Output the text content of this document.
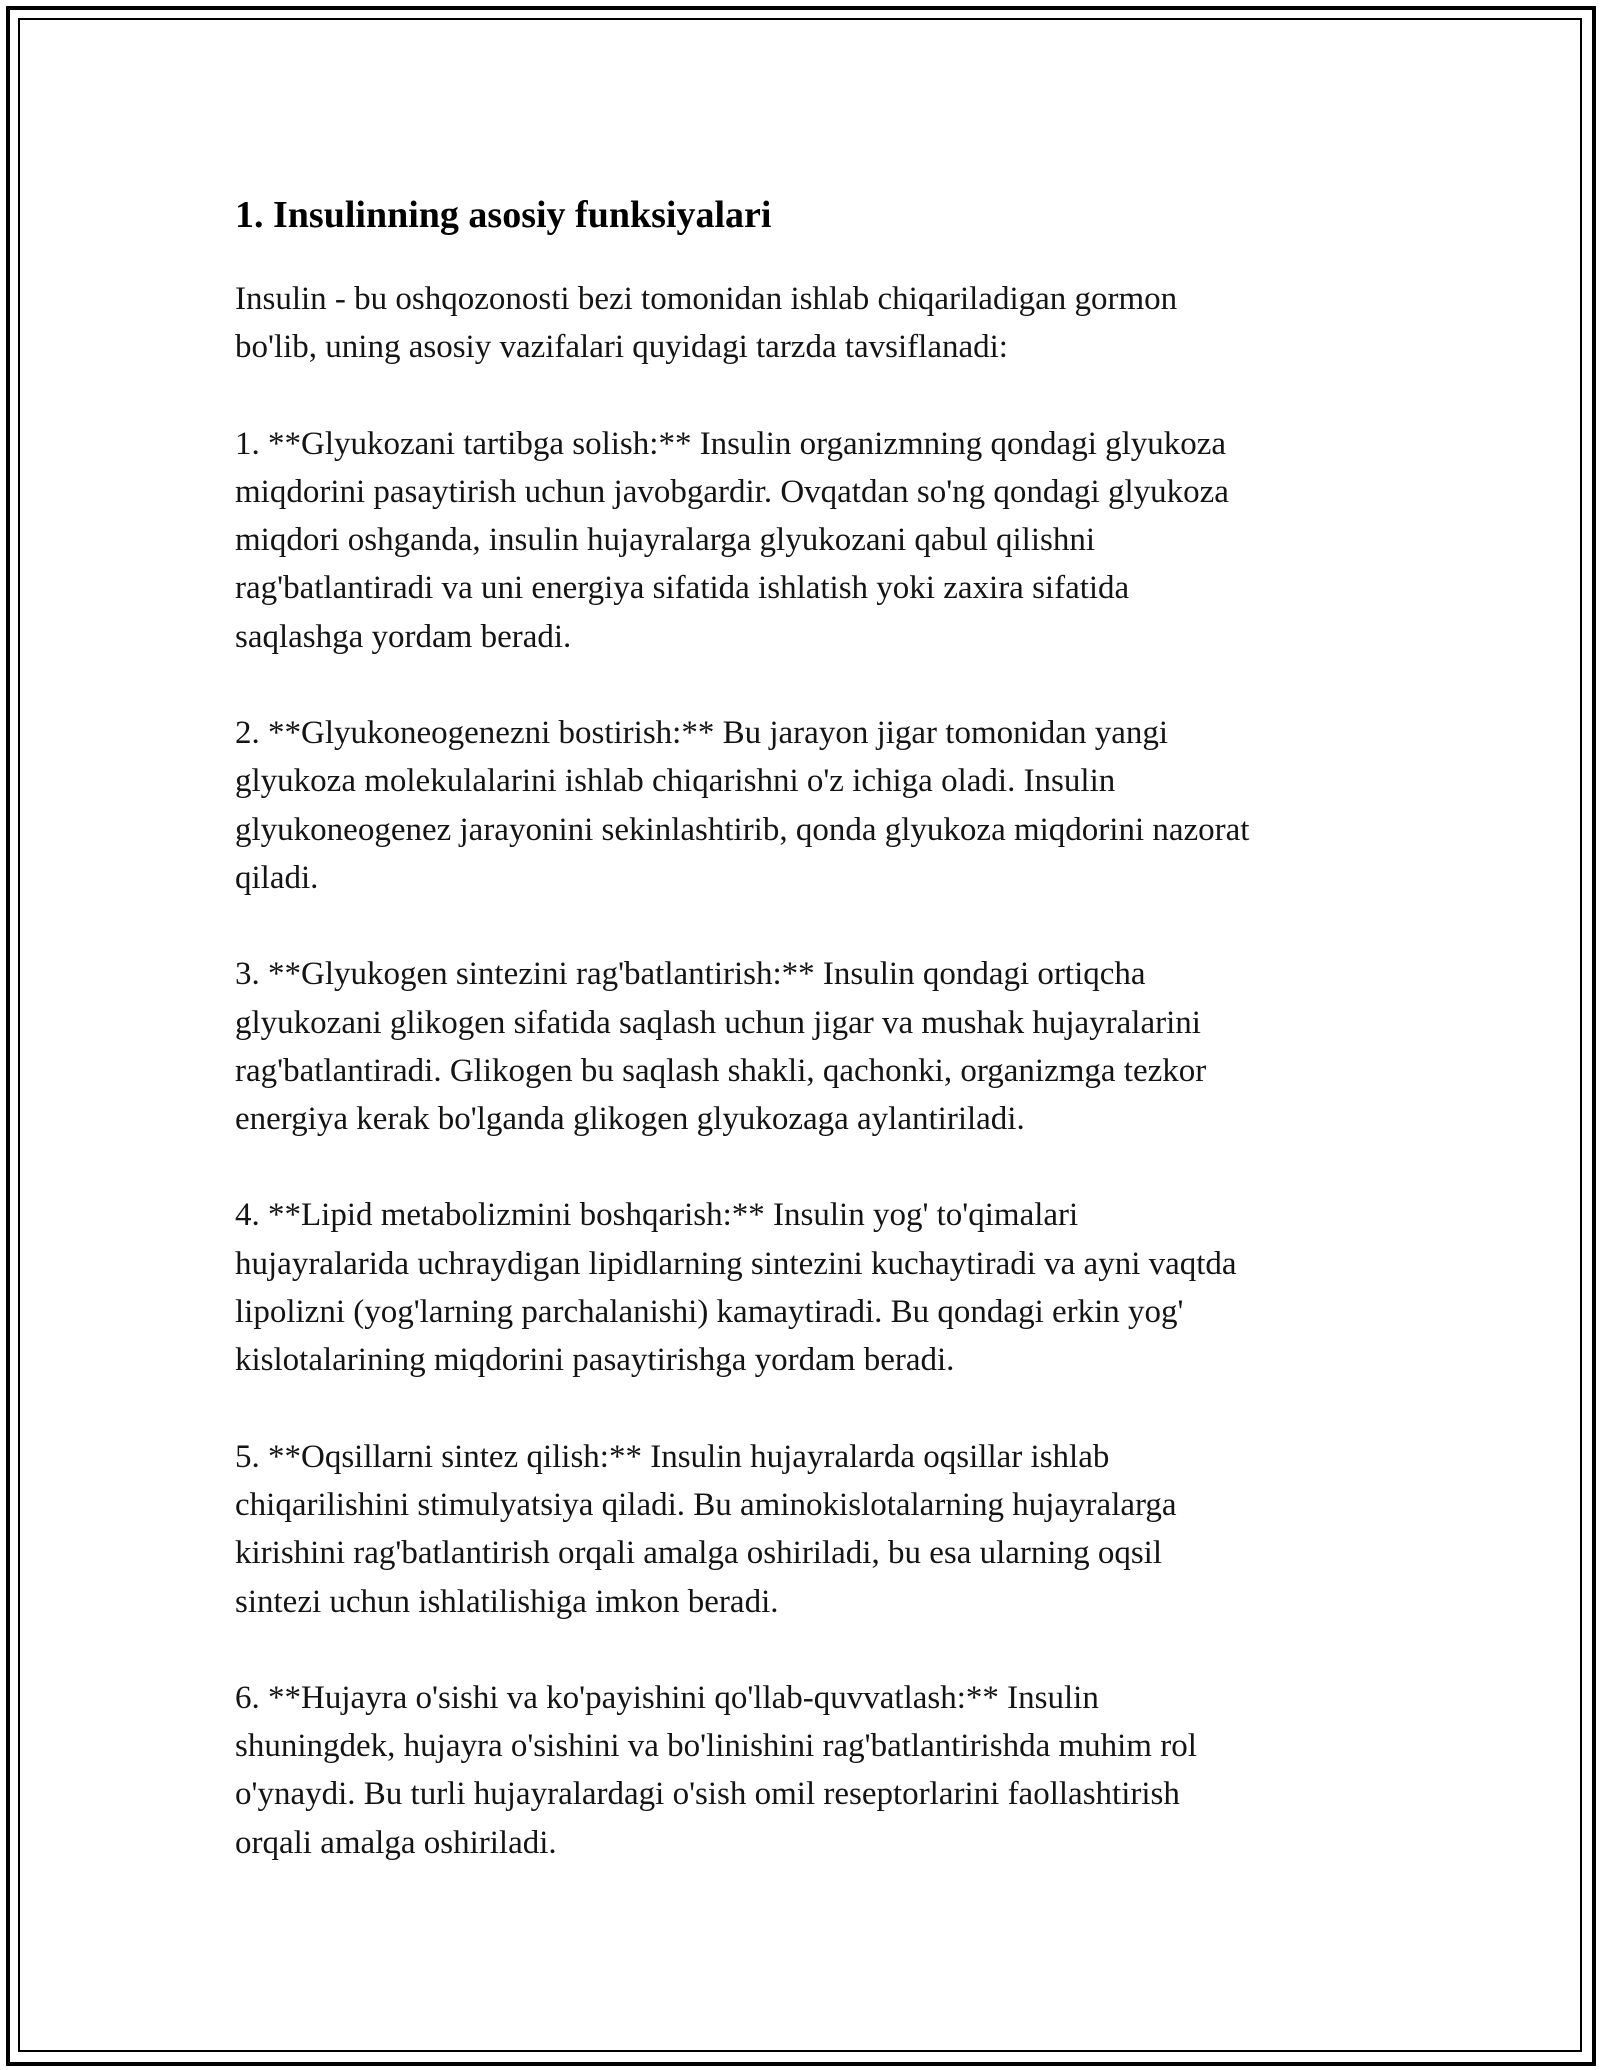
1. Insulinning asosiy funksiyalari

Insulin - bu oshqozonosti bezi tomonidan ishlab chiqariladigan gormon
bo'lib, uning asosiy vazifalari quyidagi tarzda tavsiflanadi:

1. **Glyukozani tartibga solish:** Insulin organizmning qondagi glyukoza
miqdorini pasaytirish uchun javobgardir. Ovqatdan so'ng qondagi glyukoza
miqdori oshganda, insulin hujayralarga glyukozani qabul qilishni
rag'batlantiradi va uni energiya sifatida ishlatish yoki zaxira sifatida
saqlashga yordam beradi.

2. **Glyukoneogenezni bostirish:** Bu jarayon jigar tomonidan yangi
glyukoza molekulalarini ishlab chiqarishni o'z ichiga oladi. Insulin
glyukoneogenez jarayonini sekinlashtirib, qonda glyukoza miqdorini nazorat
qiladi.

3. **Glyukogen sintezini rag'batlantirish:** Insulin qondagi ortiqcha
glyukozani glikogen sifatida saqlash uchun jigar va mushak hujayralarini
rag'batlantiradi. Glikogen bu saqlash shakli, qachonki, organizmga tezkor
energiya kerak bo'lganda glikogen glyukozaga aylantiriladi.

4. **Lipid metabolizmini boshqarish:** Insulin yog' to'qimalari
hujayralarida uchraydigan lipidlarning sintezini kuchaytiradi va ayni vaqtda
lipolizni (yog'larning parchalanishi) kamaytiradi. Bu qondagi erkin yog'
kislotalarining miqdorini pasaytirishga yordam beradi.

5. **Oqsillarni sintez qilish:** Insulin hujayralarda oqsillar ishlab
chiqarilishini stimulyatsiya qiladi. Bu aminokislotalarning hujayralarga
kirishini rag'batlantirish orqali amalga oshiriladi, bu esa ularning oqsil
sintezi uchun ishlatilishiga imkon beradi.

6. **Hujayra o'sishi va ko'payishini qo'llab-quvvatlash:** Insulin
shuningdek, hujayra o'sishini va bo'linishini rag'batlantirishda muhim rol
o'ynaydi. Bu turli hujayralardagi o'sish omil reseptorlarini faollashtirish
orqali amalga oshiriladi.
